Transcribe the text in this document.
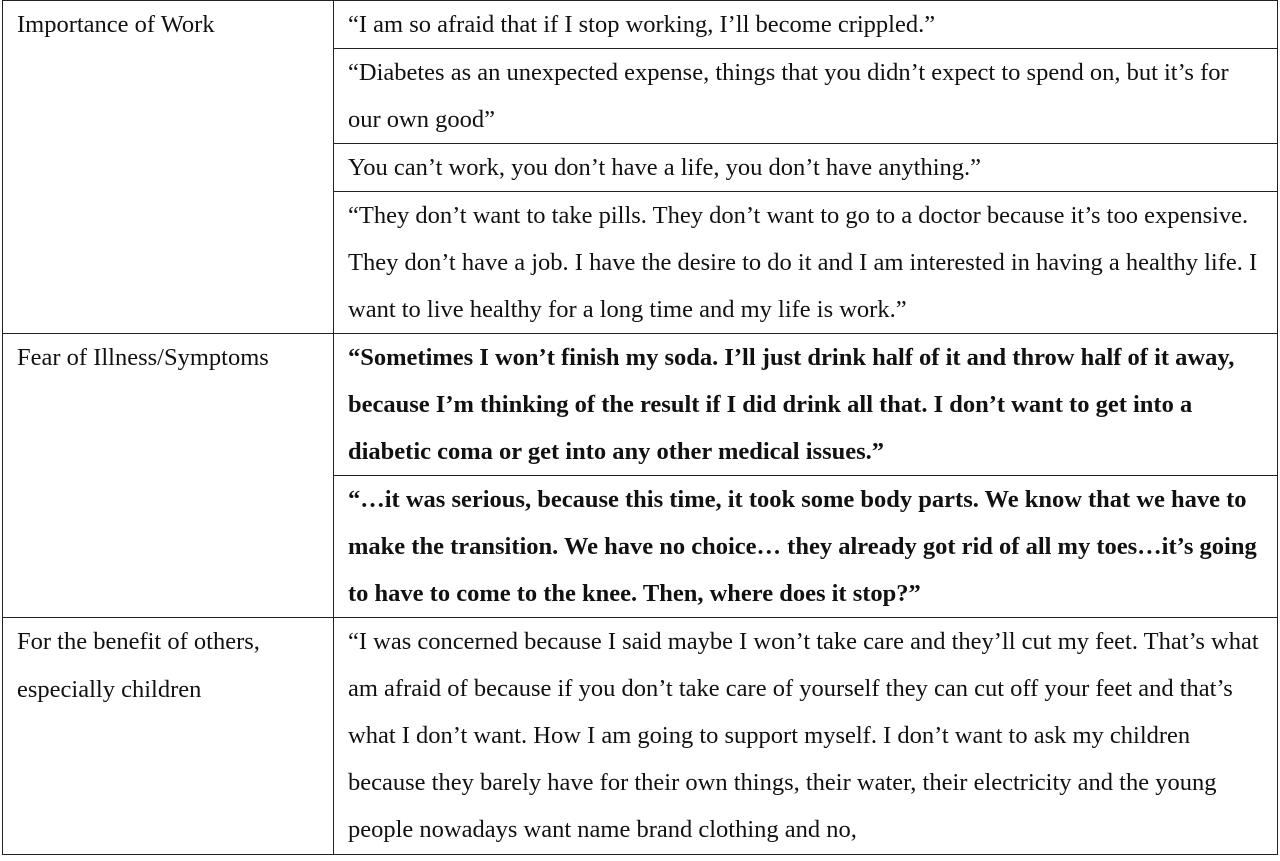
Importance of Work	“I am so afraid that if I stop working, I’ll become crippled.”
	“Diabetes as an unexpected expense, things that you didn’t expect to spend on, but it’s for our own good”
	You can’t work, you don’t have a life, you don’t have anything.”
	“They don’t want to take pills. They don’t want to go to a doctor because it’s too expensive. They don’t have a job. I have the desire to do it and I am interested in having a healthy life. I want to live healthy for a long time and my life is work.”
Fear of Illness/Symptoms	“Sometimes I won’t finish my soda. I’ll just drink half of it and throw half of it away, because I’m thinking of the result if I did drink all that. I don’t want to get into a diabetic coma or get into any other medical issues.”
	“…it was serious, because this time, it took some body parts. We know that we have to make the transition. We have no choice… they already got rid of all my toes…it’s going to have to come to the knee. Then, where does it stop?”
For the benefit of others, especially children	“I was concerned because I said maybe I won’t take care and they’ll cut my feet. That’s what am afraid of because if you don’t take care of yourself they can cut off your feet and that’s what I don’t want. How I am going to support myself. I don’t want to ask my children because they barely have for their own things, their water, their electricity and the young people nowadays want name brand clothing and no,
